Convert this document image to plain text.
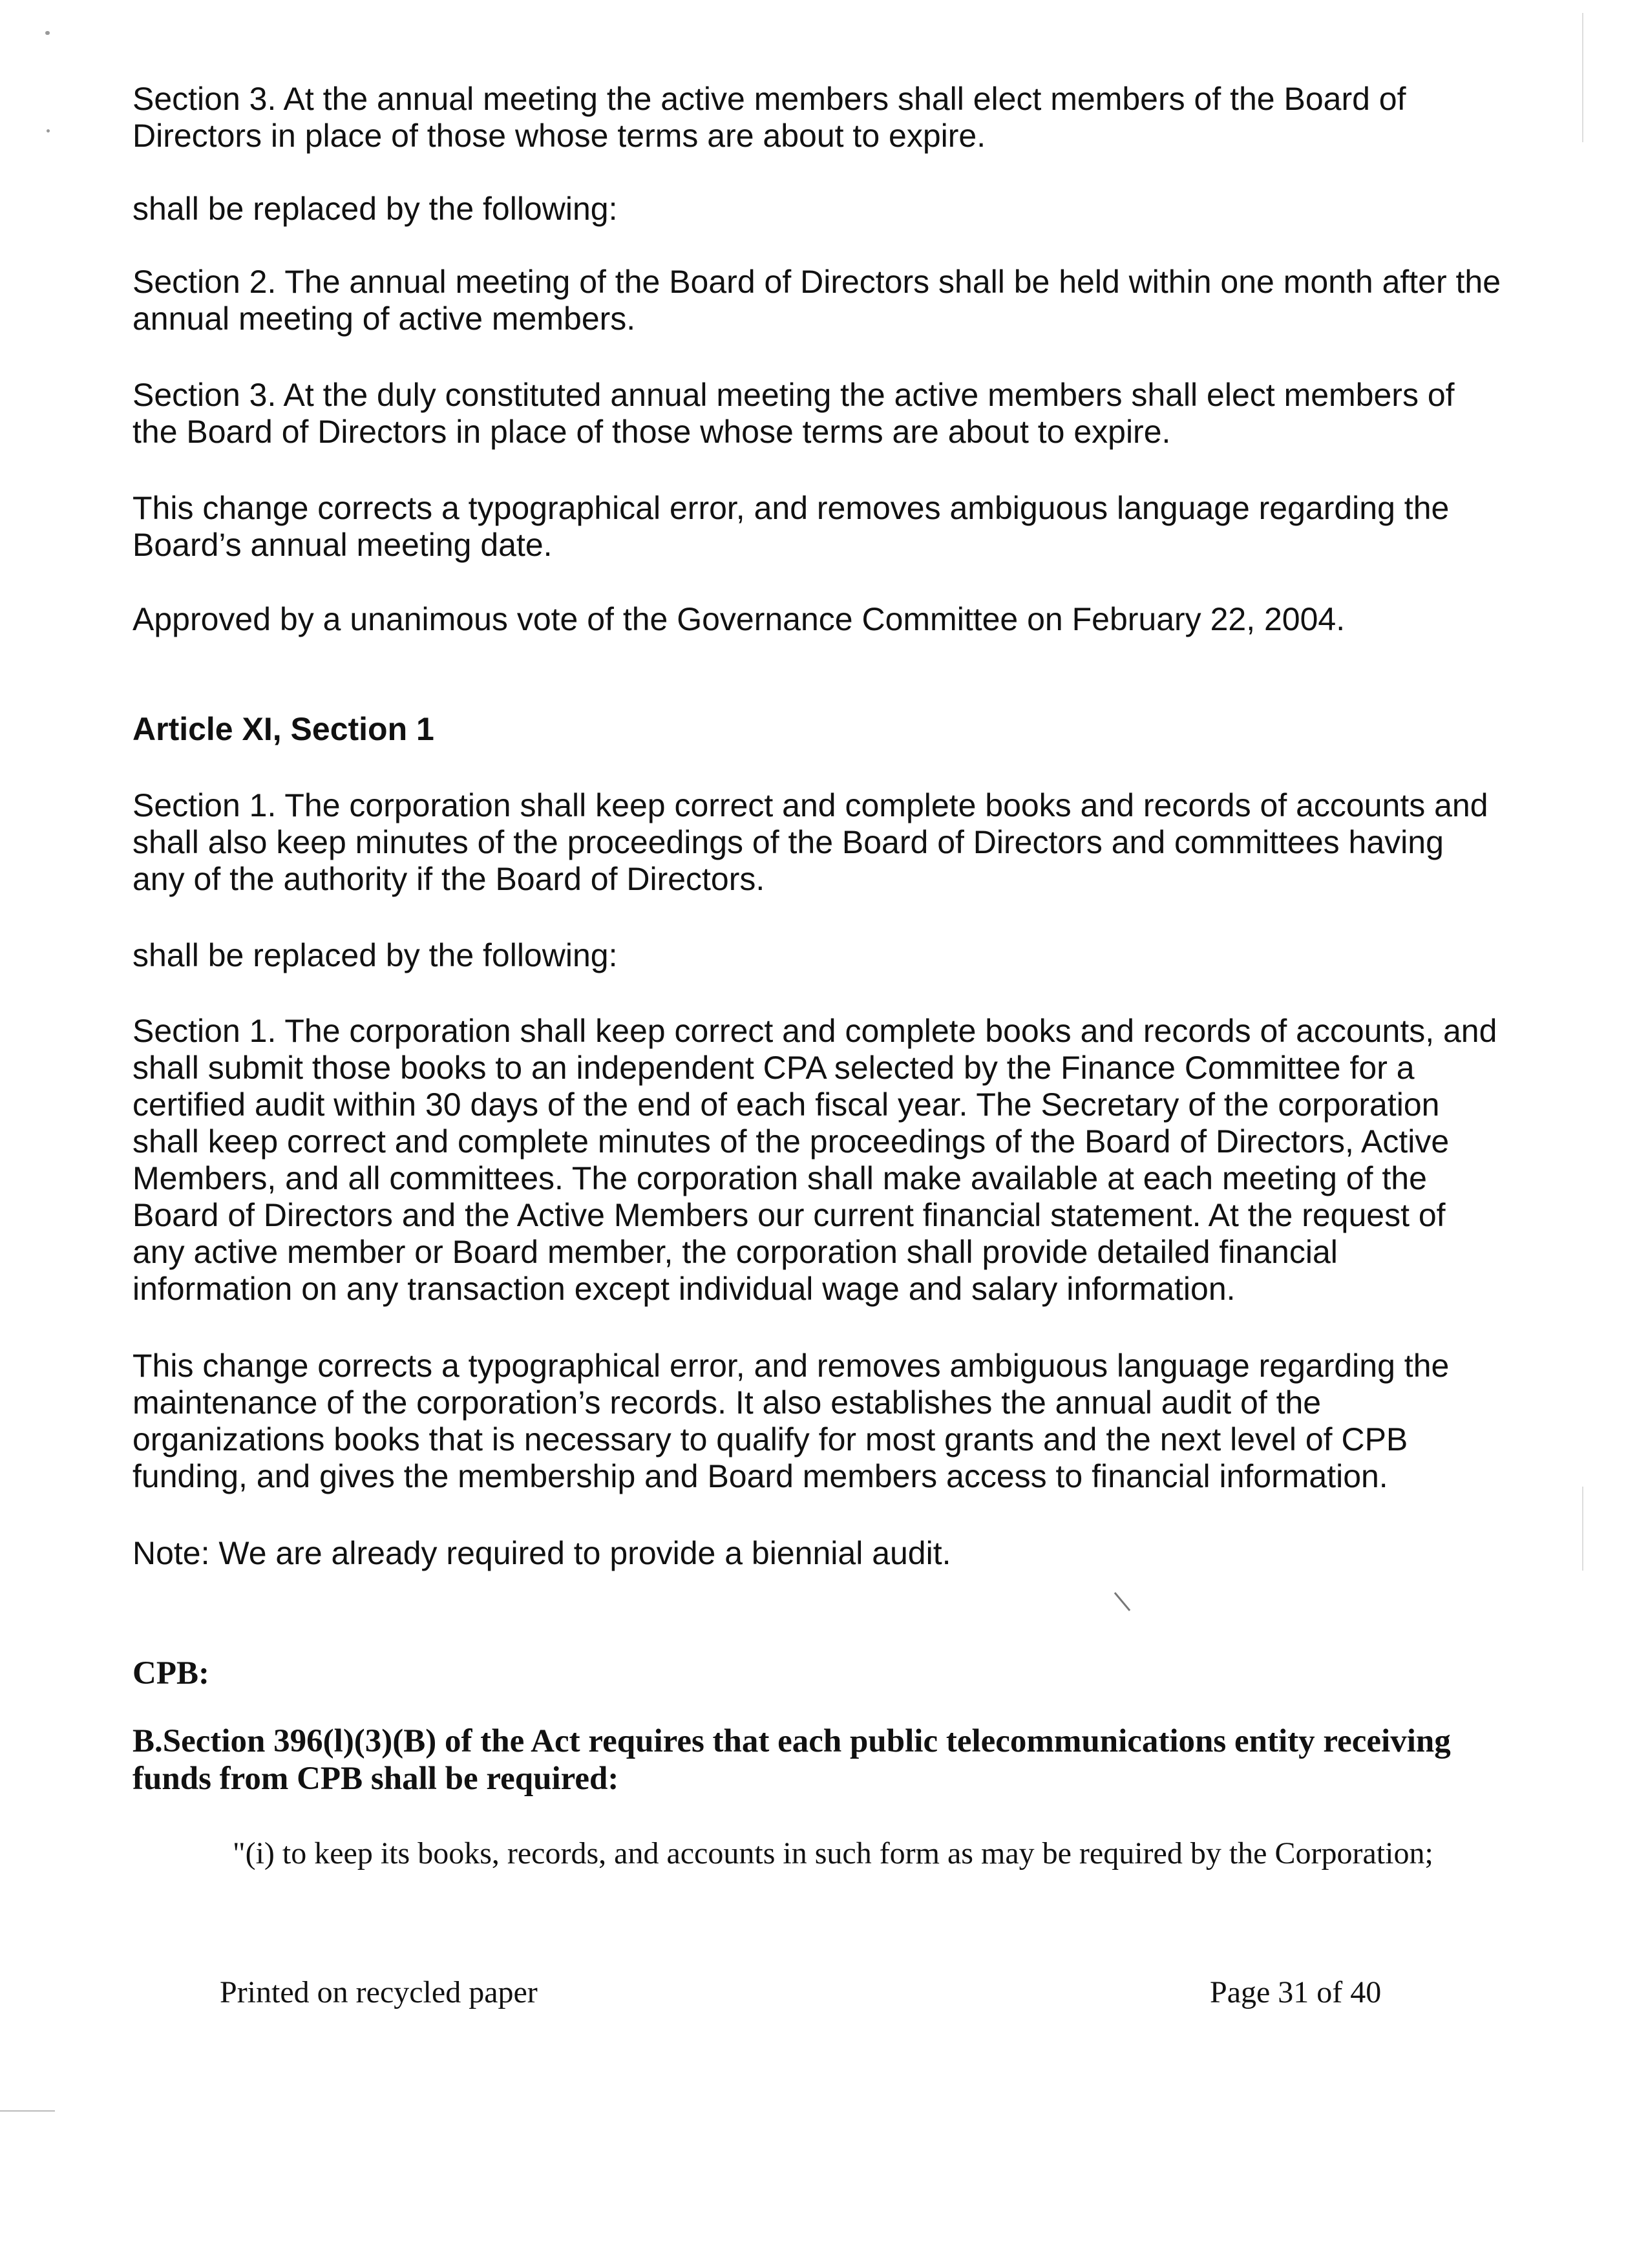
Section 3. At the annual meeting the active members shall elect members of the Board of Directors in place of those whose terms are about to expire.

shall be replaced by the following:

Section 2. The annual meeting of the Board of Directors shall be held within one month after the annual meeting of active members.

Section 3. At the duly constituted annual meeting the active members shall elect members of the Board of Directors in place of those whose terms are about to expire.

This change corrects a typographical error, and removes ambiguous language regarding the Board’s annual meeting date.

Approved by a unanimous vote of the Governance Committee on February 22, 2004.

Article XI, Section 1

Section 1. The corporation shall keep correct and complete books and records of accounts and shall also keep minutes of the proceedings of the Board of Directors and committees having any of the authority if the Board of Directors.

shall be replaced by the following:

Section 1. The corporation shall keep correct and complete books and records of accounts, and shall submit those books to an independent CPA selected by the Finance Committee for a certified audit within 30 days of the end of each fiscal year. The Secretary of the corporation shall keep correct and complete minutes of the proceedings of the Board of Directors, Active Members, and all committees. The corporation shall make available at each meeting of the Board of Directors and the Active Members our current financial statement. At the request of any active member or Board member, the corporation shall provide detailed financial information on any transaction except individual wage and salary information.

This change corrects a typographical error, and removes ambiguous language regarding the maintenance of the corporation’s records. It also establishes the annual audit of the organizations books that is necessary to qualify for most grants and the next level of CPB funding, and gives the membership and Board members access to financial information.

Note: We are already required to provide a biennial audit.

CPB:

B.Section 396(l)(3)(B) of the Act requires that each public telecommunications entity receiving funds from CPB shall be required:

"(i) to keep its books, records, and accounts in such form as may be required by the Corporation;

Printed on recycled paper	Page 31 of 40
